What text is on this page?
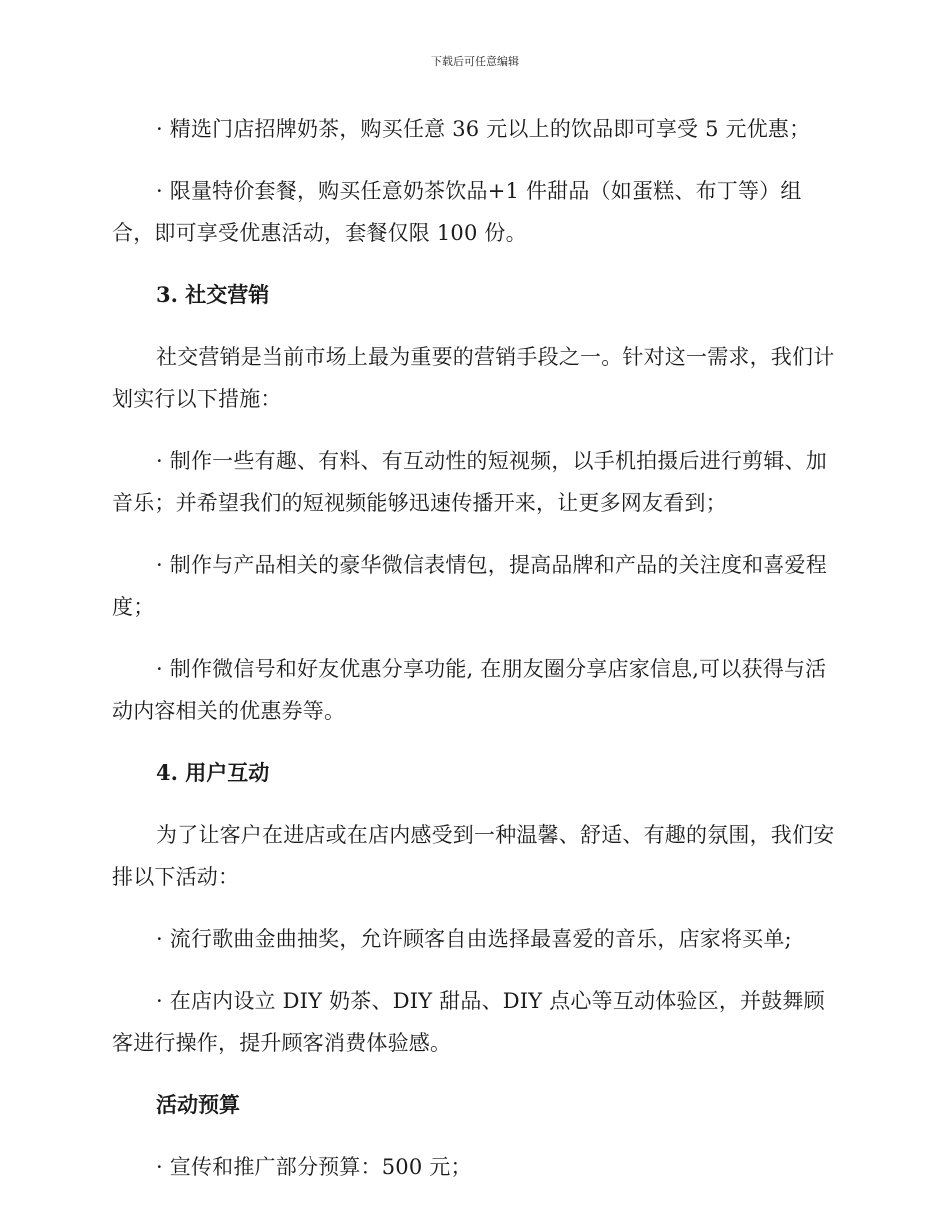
下载后可任意编辑

· 精选门店招牌奶茶，购买任意 36 元以上的饮品即可享受 5 元优惠；

· 限量特价套餐，购买任意奶茶饮品+1 件甜品（如蛋糕、布丁等）组合，即可享受优惠活动，套餐仅限 100 份。

3. 社交营销

社交营销是当前市场上最为重要的营销手段之一。针对这一需求，我们计划实行以下措施：

· 制作一些有趣、有料、有互动性的短视频，以手机拍摄后进行剪辑、加音乐；并希望我们的短视频能够迅速传播开来，让更多网友看到；

· 制作与产品相关的豪华微信表情包，提高品牌和产品的关注度和喜爱程度；

· 制作微信号和好友优惠分享功能, 在朋友圈分享店家信息,可以获得与活动内容相关的优惠券等。

4. 用户互动

为了让客户在进店或在店内感受到一种温馨、舒适、有趣的氛围，我们安排以下活动：

· 流行歌曲金曲抽奖，允许顾客自由选择最喜爱的音乐，店家将买单;

· 在店内设立 DIY 奶茶、DIY 甜品、DIY 点心等互动体验区，并鼓舞顾客进行操作，提升顾客消费体验感。

活动预算

· 宣传和推广部分预算：500 元；
